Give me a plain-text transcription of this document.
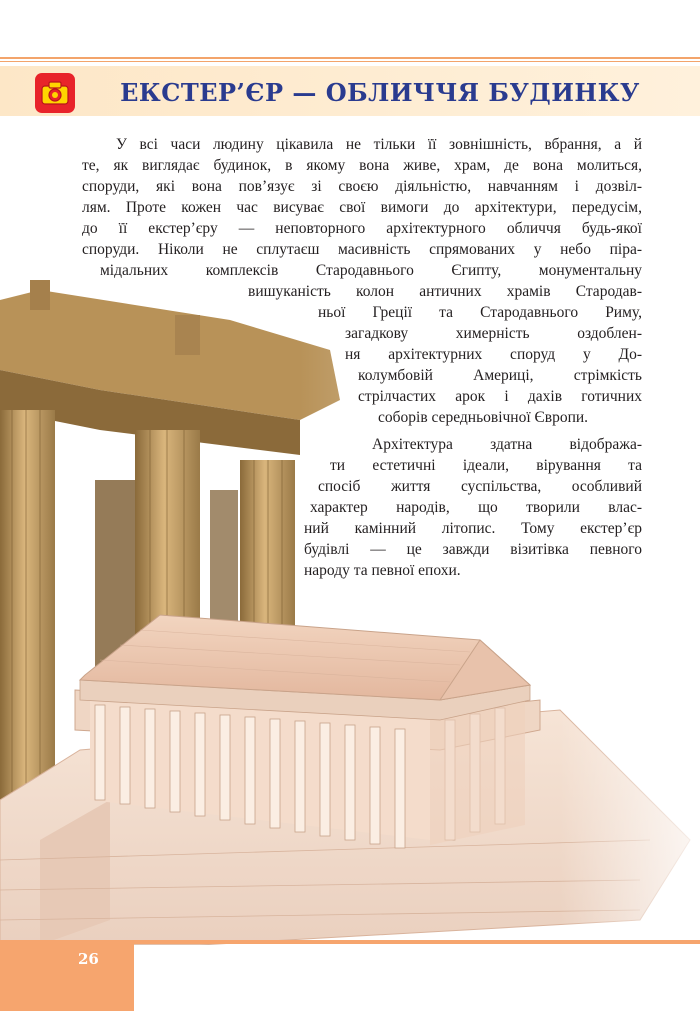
ЕКСТЕР’ЄР — ОБЛИЧЧЯ БУДИНКУ
У всі часи людину цікавила не тільки її зовнішність, вбрання, а й
те, як виглядає будинок, в якому вона живе, храм, де вона молиться,
споруди, які вона пов’язує зі своєю діяльністю, навчанням і дозвіл-
лям. Проте кожен час висуває свої вимоги до архітектури, передусім,
до її екстер’єру — неповторного архітектурного обличчя будь-якої
споруди. Ніколи не сплутаєш масивність спрямованих у небо піра-
мідальних комплексів Стародавнього Єгипту, монументальну
вишуканість колон античних храмів Стародав-
ньої Греції та Стародавнього Риму,
загадкову химерність оздоблен-
ня архітектурних споруд у До-
колумбовій Америці, стрімкість
стрілчастих арок і дахів готичних
соборів середньовічної Європи.
Архітектура здатна відобража-
ти естетичні ідеали, вірування та
спосіб життя суспільства, особливий
характер народів, що творили влас-
ний камінний літопис. Тому екстер’єр
будівлі — це завжди візитівка певного
народу та певної епохи.
26
